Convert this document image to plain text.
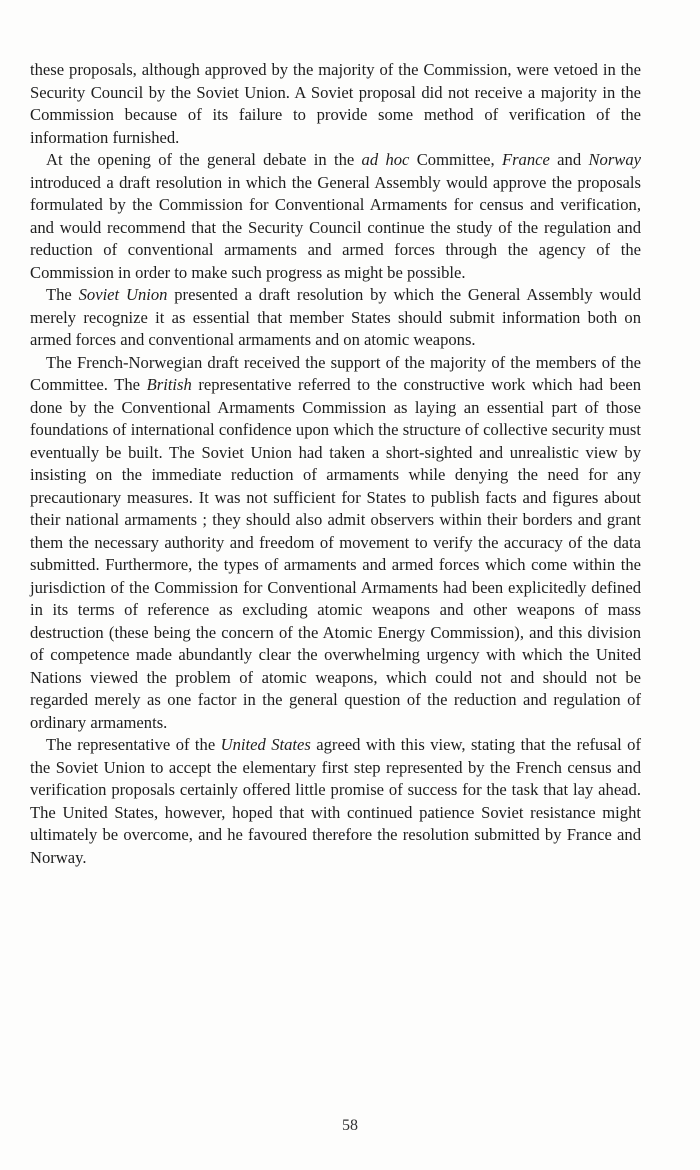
these proposals, although approved by the majority of the Commission, were vetoed in the Security Council by the Soviet Union. A Soviet proposal did not receive a majority in the Commission because of its failure to provide some method of verification of the information furnished.

At the opening of the general debate in the ad hoc Committee, France and Norway introduced a draft resolution in which the General Assembly would approve the proposals formulated by the Commission for Conventional Armaments for census and verification, and would recommend that the Security Council continue the study of the regulation and reduction of conventional armaments and armed forces through the agency of the Commission in order to make such progress as might be possible.

The Soviet Union presented a draft resolution by which the General Assembly would merely recognize it as essential that member States should submit information both on armed forces and conventional armaments and on atomic weapons.

The French-Norwegian draft received the support of the majority of the members of the Committee. The British representative referred to the constructive work which had been done by the Conventional Armaments Commission as laying an essential part of those foundations of international confidence upon which the structure of collective security must eventually be built. The Soviet Union had taken a short-sighted and unrealistic view by insisting on the immediate reduction of armaments while denying the need for any precautionary measures. It was not sufficient for States to publish facts and figures about their national armaments ; they should also admit observers within their borders and grant them the necessary authority and freedom of movement to verify the accuracy of the data submitted. Furthermore, the types of armaments and armed forces which come within the jurisdiction of the Commission for Conventional Armaments had been explicitedly defined in its terms of reference as excluding atomic weapons and other weapons of mass destruction (these being the concern of the Atomic Energy Commission), and this division of competence made abundantly clear the overwhelming urgency with which the United Nations viewed the problem of atomic weapons, which could not and should not be regarded merely as one factor in the general question of the reduction and regulation of ordinary armaments.

The representative of the United States agreed with this view, stating that the refusal of the Soviet Union to accept the elementary first step represented by the French census and verification proposals certainly offered little promise of success for the task that lay ahead. The United States, however, hoped that with continued patience Soviet resistance might ultimately be overcome, and he favoured therefore the resolution submitted by France and Norway.

58
